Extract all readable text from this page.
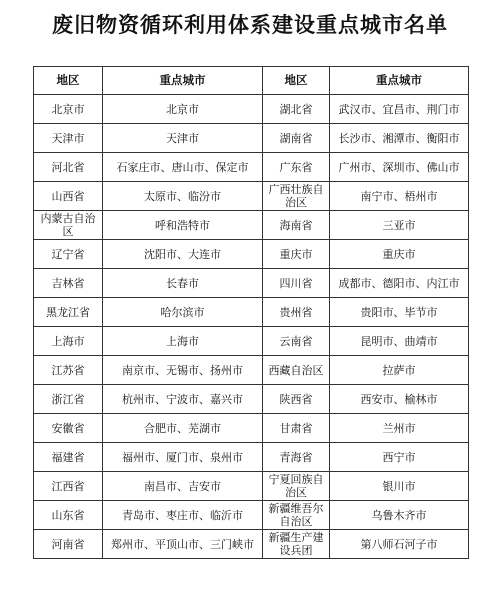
废旧物资循环利用体系建设重点城市名单
地区	重点城市	地区	重点城市
北京市	北京市	湖北省	武汉市、宜昌市、荆门市
天津市	天津市	湖南省	长沙市、湘潭市、衡阳市
河北省	石家庄市、唐山市、保定市	广东省	广州市、深圳市、佛山市
山西省	太原市、临汾市	广西壮族自治区	南宁市、梧州市
内蒙古自治区	呼和浩特市	海南省	三亚市
辽宁省	沈阳市、大连市	重庆市	重庆市
吉林省	长春市	四川省	成都市、德阳市、内江市
黑龙江省	哈尔滨市	贵州省	贵阳市、毕节市
上海市	上海市	云南省	昆明市、曲靖市
江苏省	南京市、无锡市、扬州市	西藏自治区	拉萨市
浙江省	杭州市、宁波市、嘉兴市	陕西省	西安市、榆林市
安徽省	合肥市、芜湖市	甘肃省	兰州市
福建省	福州市、厦门市、泉州市	青海省	西宁市
江西省	南昌市、吉安市	宁夏回族自治区	银川市
山东省	青岛市、枣庄市、临沂市	新疆维吾尔自治区	乌鲁木齐市
河南省	郑州市、平顶山市、三门峡市	新疆生产建设兵团	第八师石河子市
